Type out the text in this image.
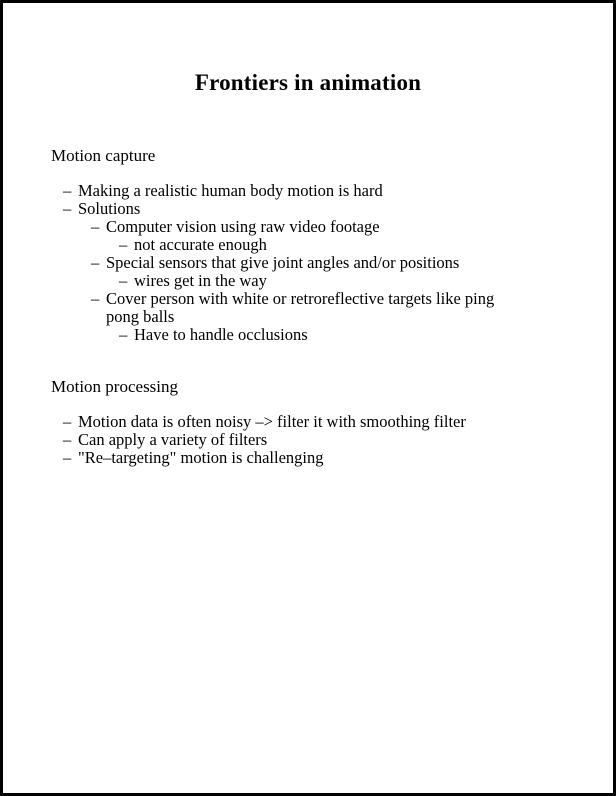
Frontiers in animation
Motion capture
– Making a realistic human body motion is hard
– Solutions
– Computer vision using raw video footage
– not accurate enough
– Special sensors that give joint angles and/or positions
– wires get in the way
– Cover person with white or retroreflective targets like ping pong balls
– Have to handle occlusions
Motion processing
– Motion data is often noisy –> filter it with smoothing filter
– Can apply a variety of filters
– "Re–targeting" motion is challenging
